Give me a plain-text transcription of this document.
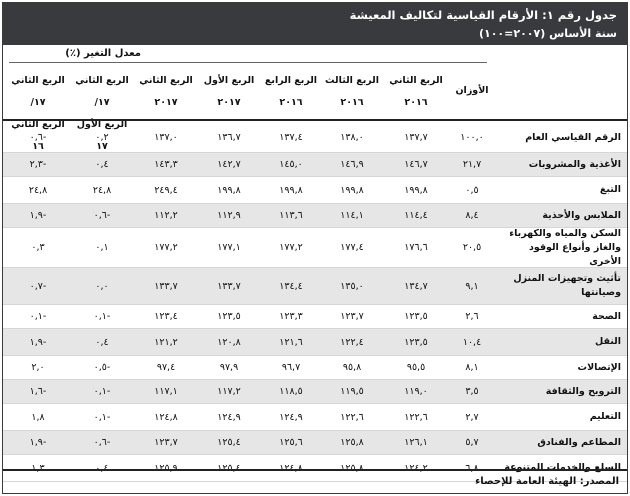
جدول رقم ١: الأرقام القياسية لتكاليف المعيشة
سنة الأساس (٢٠٠٧=١٠٠)
معدل التغير (٪)
الأوزان
الربع الثاني
٢٠١٦
الربع الثالث
٢٠١٦
الربع الرابع
٢٠١٦
الربع الأول
٢٠١٧
الربع الثاني
٢٠١٧
الربع الثاني ١٧/
الربع الأول ١٧
الربع الثاني ١٧/
الربع الثاني ١٦
الرقم القياسي العام
١٠٠,٠
١٣٧,٧
١٣٨,٠
١٣٧,٤
١٣٦,٧
١٣٧,٠
٠,٢
-٠,٦
الأغذية والمشروبات
٢١,٧
١٤٦,٧
١٤٦,٩
١٤٥,٠
١٤٢,٧
١٤٣,٣
٠,٤
-٢,٣
التبغ
٠,٥
١٩٩,٨
١٩٩,٨
١٩٩,٨
١٩٩,٨
٢٤٩,٤
٢٤,٨
٢٤,٨
الملابس والأحذية
٨,٤
١١٤,٤
١١٤,١
١١٣,٦
١١٢,٩
١١٢,٢
-٠,٦
-١,٩
السكن والمياه والكهرباء والغاز وأنواع الوقود الأخرى
٢٠,٥
١٧٦,٦
١٧٧,٤
١٧٧,٢
١٧٧,١
١٧٧,٢
٠,١
٠,٣
تأثيث وتجهيزات المنزل وصيانتها
٩,١
١٣٤,٧
١٣٥,٠
١٣٤,٤
١٣٣,٧
١٣٣,٧
٠,٠
-٠,٧
الصحة
٢,٦
١٢٣,٥
١٢٣,٧
١٢٣,٣
١٢٣,٥
١٢٣,٤
-٠,١
-٠,١
النقل
١٠,٤
١٢٣,٥
١٢٢,٤
١٢١,٦
١٢٠,٨
١٢١,٢
٠,٤
-١,٩
الإتصالات
٨,١
٩٥,٥
٩٥,٨
٩٦,٧
٩٧,٩
٩٧,٤
-٠,٥
٢,٠
الترويح والثقافة
٣,٥
١١٩,٠
١١٩,٥
١١٨,٥
١١٧,٢
١١٧,١
-٠,١
-١,٦
التعليم
٢,٧
١٢٢,٦
١٢٢,٦
١٢٤,٩
١٢٤,٩
١٢٤,٨
-٠,١
١,٨
المطاعم والفنادق
٥,٧
١٢٦,١
١٢٥,٨
١٢٥,٦
١٢٥,٤
١٢٣,٧
-٠,٦
-١,٩
السلع والخدمات المتنوعة
٦,٨
١٢٤,٢
١٢٥,٨
١٢٤,٨
١٢٥,٤
١٢٥,٩
٠,٤
١,٣
المصدر: الهيئة العامة للإحصاء
